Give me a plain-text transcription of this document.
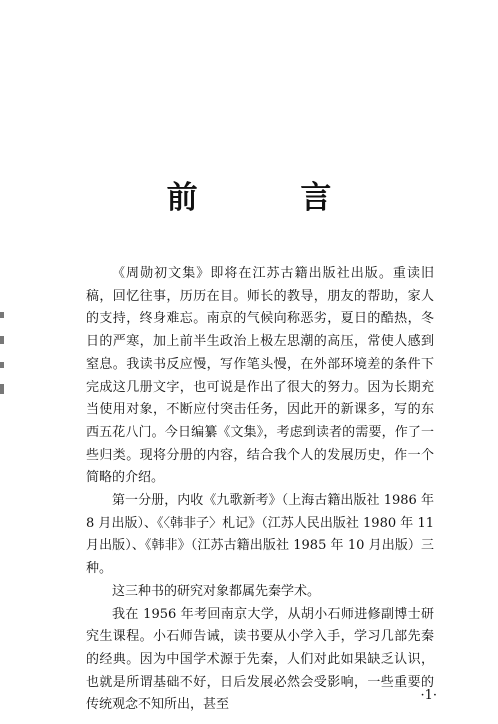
前 言

《周勋初文集》即将在江苏古籍出版社出版。重读旧稿，回忆往事，历历在目。师长的教导，朋友的帮助，家人的支持，终身难忘。南京的气候向称恶劣，夏日的酷热，冬日的严寒，加上前半生政治上极左思潮的高压，常使人感到窒息。我读书反应慢，写作笔头慢，在外部环境差的条件下完成这几册文字，也可说是作出了很大的努力。因为长期充当使用对象，不断应付突击任务，因此开的新课多，写的东西五花八门。今日编纂《文集》，考虑到读者的需要，作了一些归类。现将分册的内容，结合我个人的发展历史，作一个简略的介绍。

第一分册，内收《九歌新考》（上海古籍出版社 1986 年 8 月出版）、《〈韩非子〉札记》（江苏人民出版社 1980 年 11 月出版）、《韩非》（江苏古籍出版社 1985 年 10 月出版）三种。

这三种书的研究对象都属先秦学术。

我在 1956 年考回南京大学，从胡小石师进修副博士研究生课程。小石师告诫，读书要从小学入手，学习几部先秦的经典。因为中国学术源于先秦，人们对此如果缺乏认识，也就是所谓基础不好，日后发展必然会受影响，一些重要的传统观念不知所出，甚至

·1·
